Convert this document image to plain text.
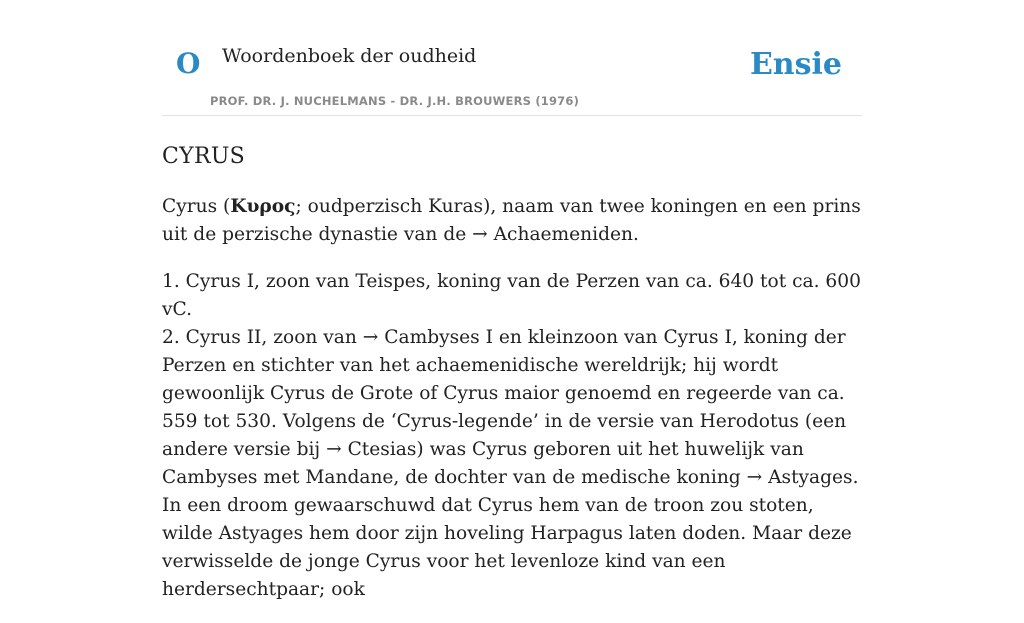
O Woordenboek der oudheid
PROF. DR. J. NUCHELMANS - DR. J.H. BROUWERS (1976)
Ensie
CYRUS

Cyrus (Κυρος; oudperzisch Kuras), naam van twee koningen en een prins uit de perzische dynastie van de → Achaemeniden.

1. Cyrus I, zoon van Teispes, koning van de Perzen van ca. 640 tot ca. 600 vC.
2. Cyrus II, zoon van → Cambyses I en kleinzoon van Cyrus I, koning der Perzen en stichter van het achaemenidische wereldrijk; hij wordt gewoonlijk Cyrus de Grote of Cyrus maior genoemd en regeerde van ca. 559 tot 530. Volgens de ‘Cyrus-legende’ in de versie van Herodotus (een andere versie bij → Ctesias) was Cyrus geboren uit het huwelijk van Cambyses met Mandane, de dochter van de medische koning → Astyages. In een droom gewaarschuwd dat Cyrus hem van de troon zou stoten, wilde Astyages hem door zijn hoveling Harpagus laten doden. Maar deze verwisselde de jonge Cyrus voor het levenloze kind van een herdersechtpaar; ook
